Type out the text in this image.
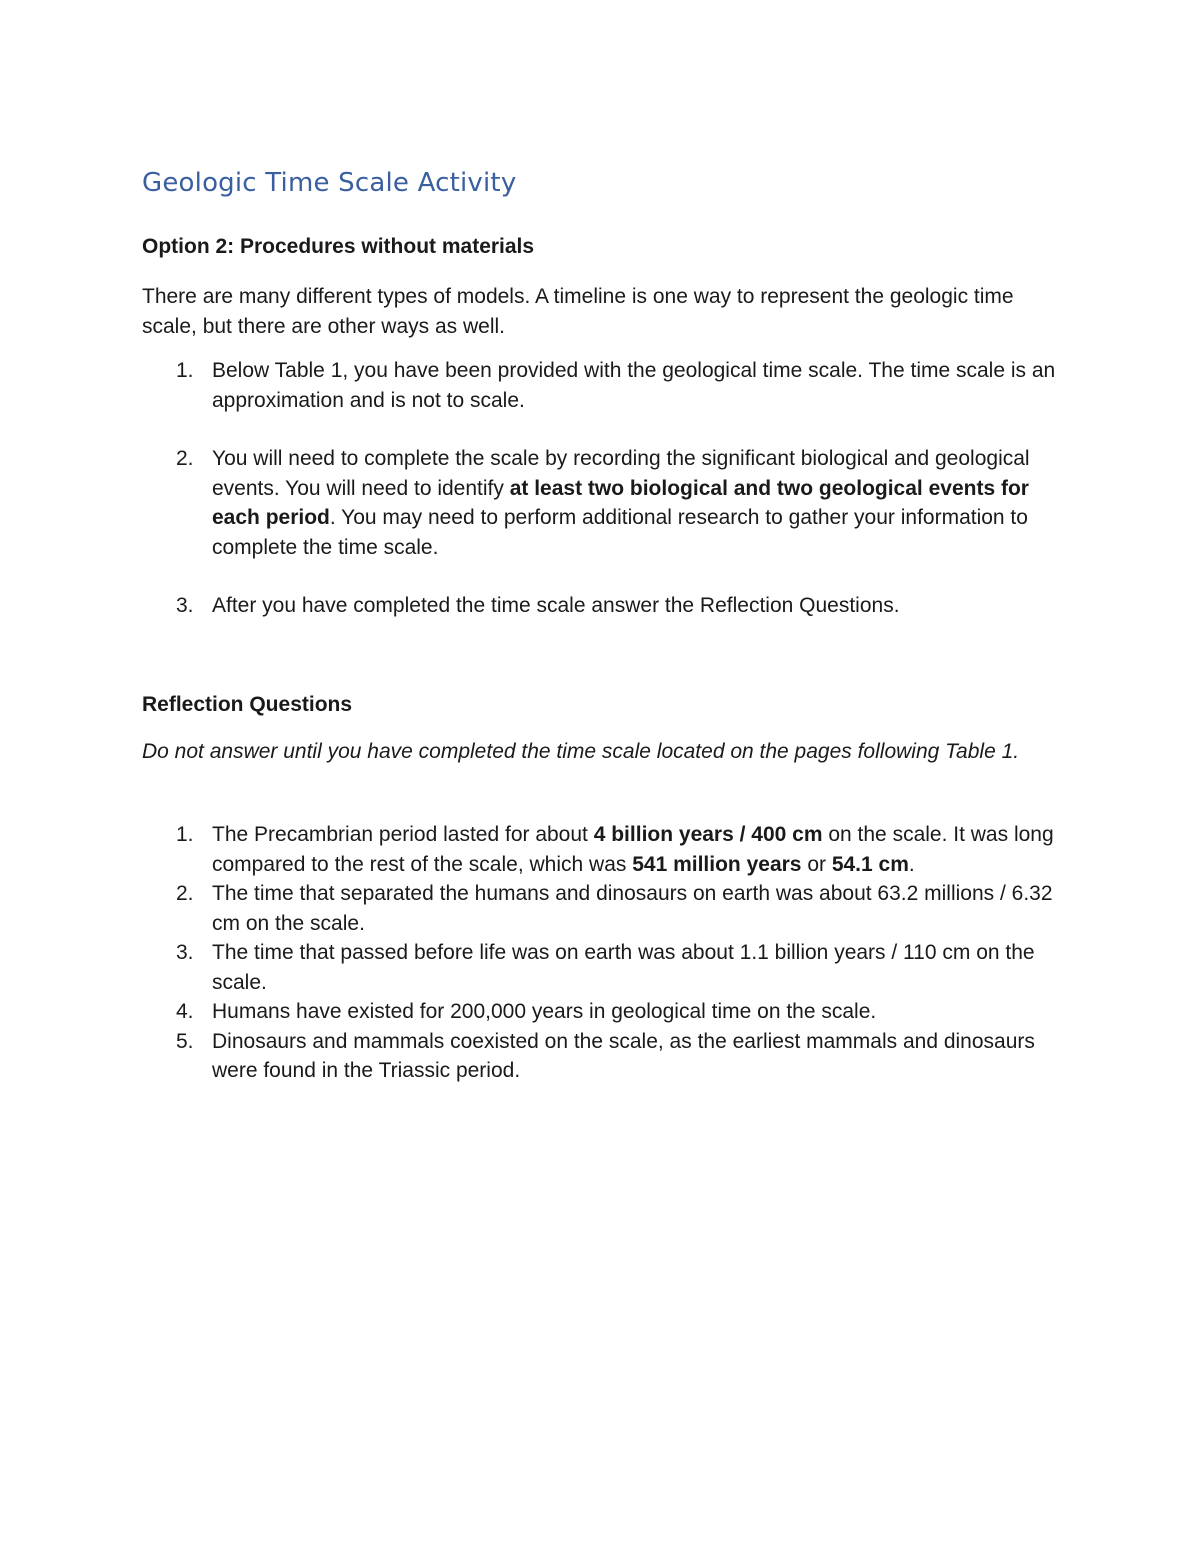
Geologic Time Scale Activity
Option 2: Procedures without materials

There are many different types of models. A timeline is one way to represent the geologic time scale, but there are other ways as well.

1. Below Table 1, you have been provided with the geological time scale. The time scale is an approximation and is not to scale.
2. You will need to complete the scale by recording the significant biological and geological events. You will need to identify at least two biological and two geological events for each period. You may need to perform additional research to gather your information to complete the time scale.
3. After you have completed the time scale answer the Reflection Questions.
Reflection Questions

Do not answer until you have completed the time scale located on the pages following Table 1.

1. The Precambrian period lasted for about 4 billion years / 400 cm on the scale. It was long compared to the rest of the scale, which was 541 million years or 54.1 cm.
2. The time that separated the humans and dinosaurs on earth was about 63.2 millions / 6.32 cm on the scale.
3. The time that passed before life was on earth was about 1.1 billion years / 110 cm on the scale.
4. Humans have existed for 200,000 years in geological time on the scale.
5. Dinosaurs and mammals coexisted on the scale, as the earliest mammals and dinosaurs were found in the Triassic period.
